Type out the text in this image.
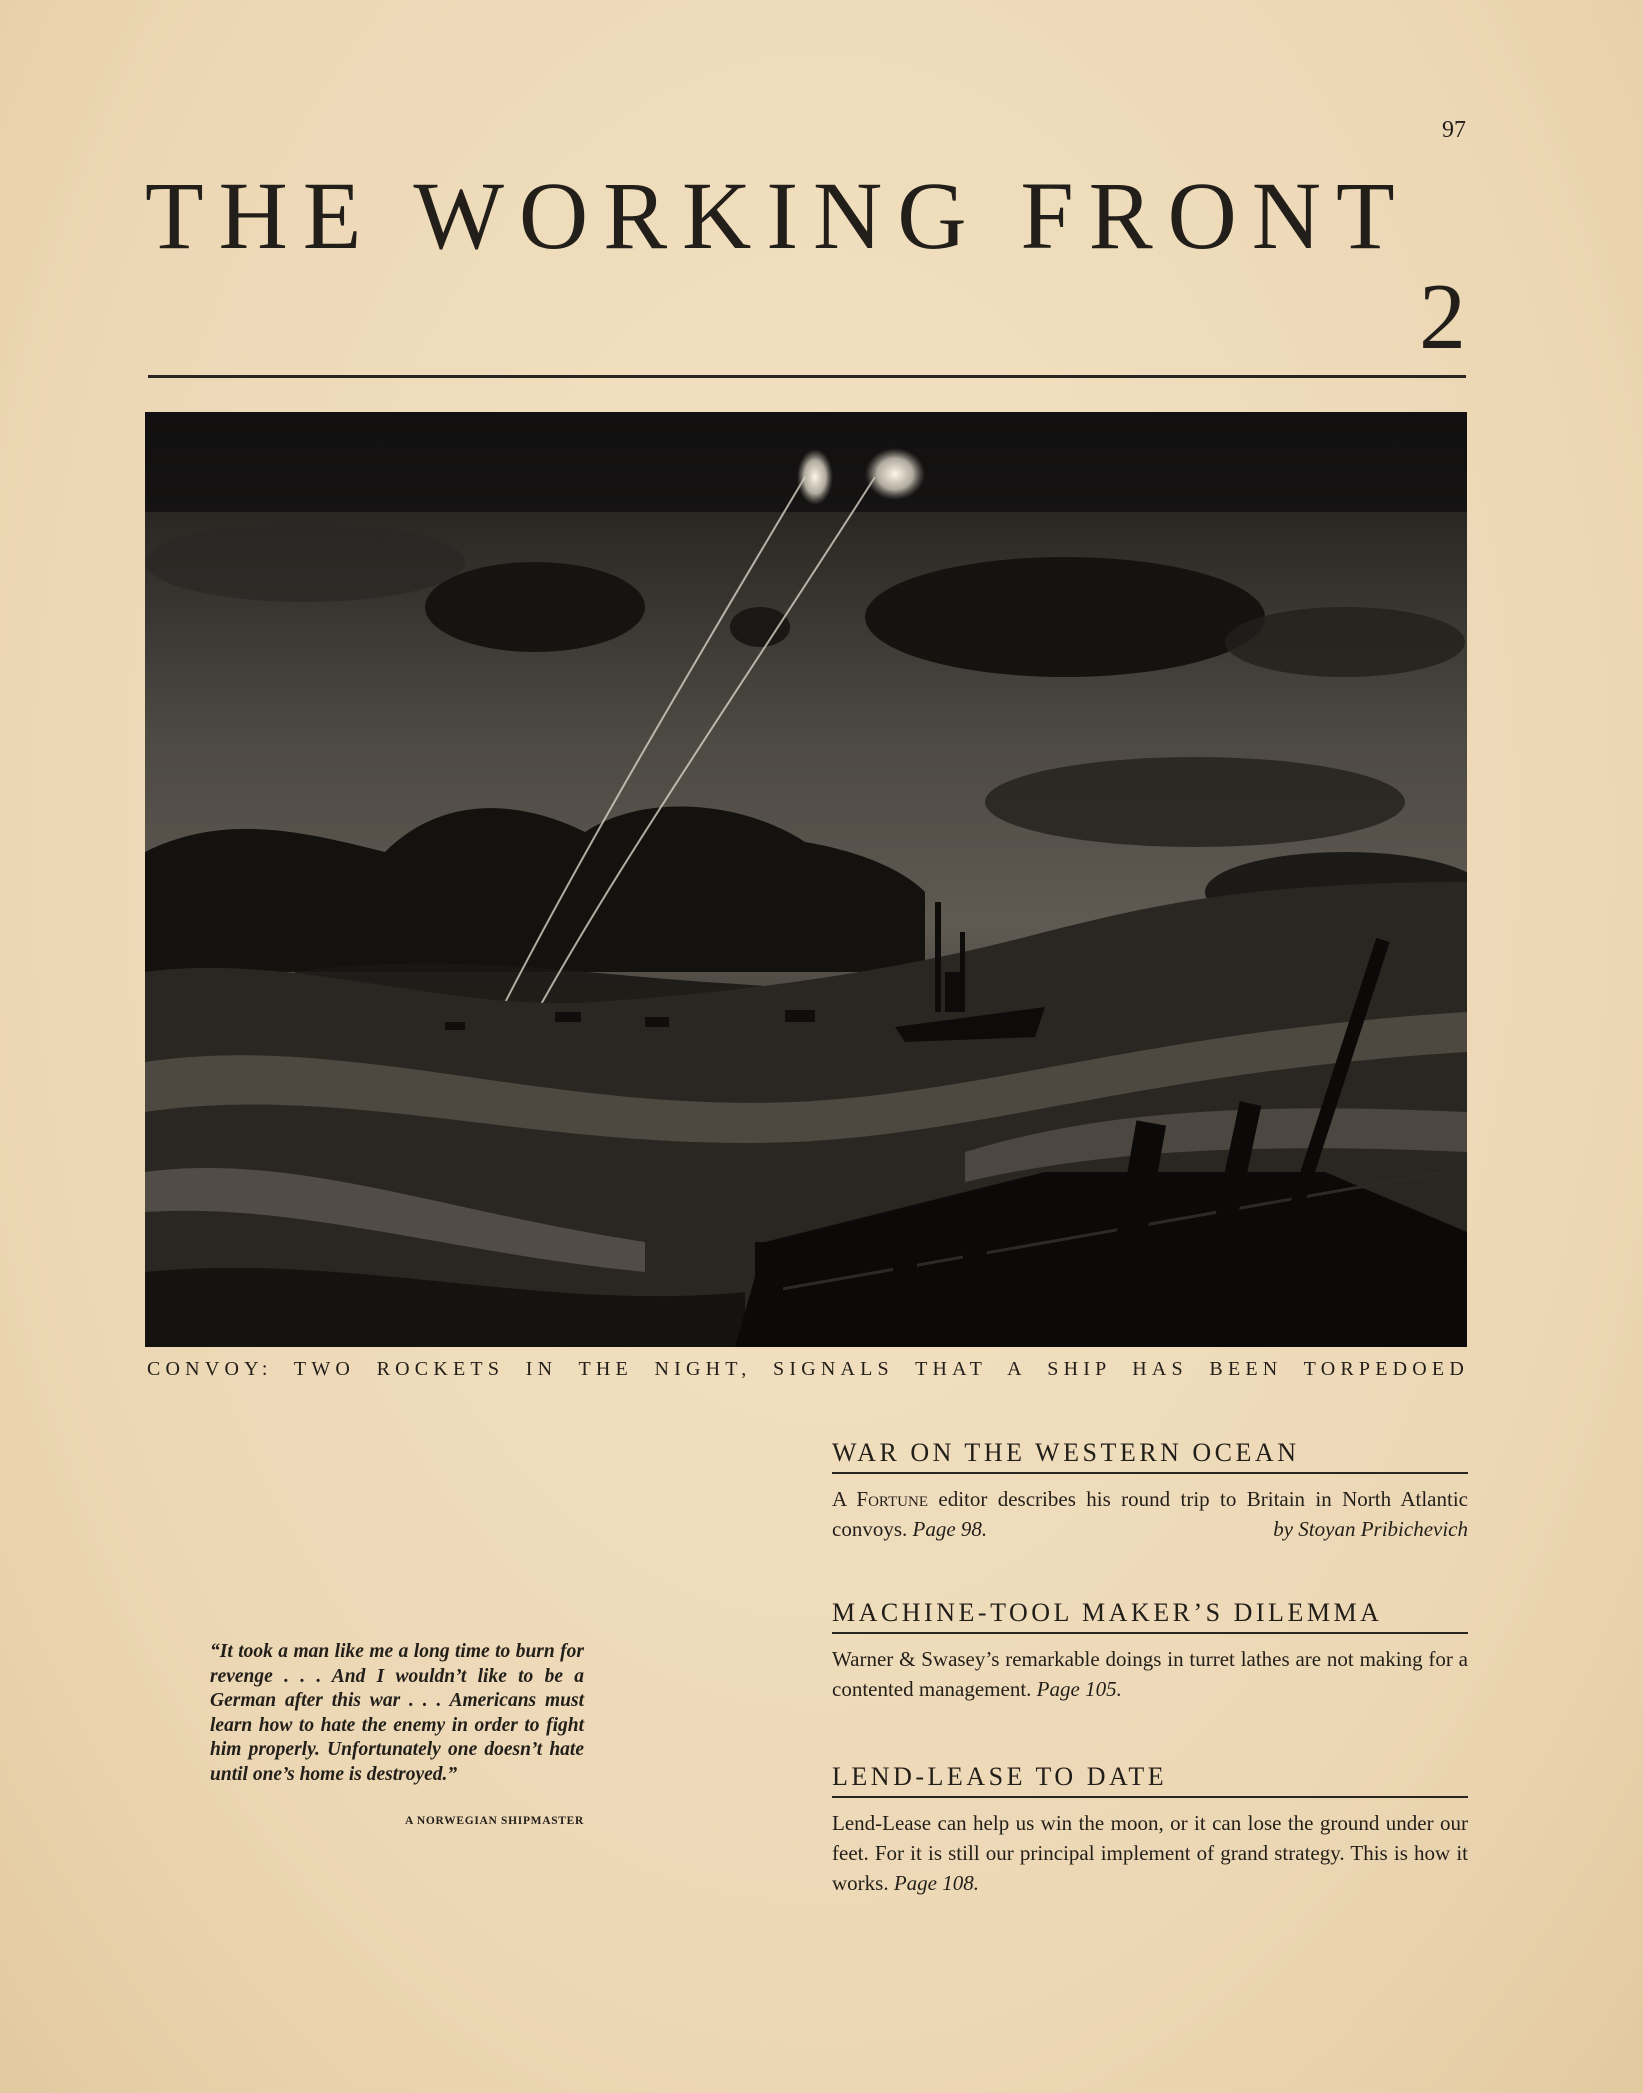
97
THE WORKING FRONT
2
CONVOY: TWO ROCKETS IN THE NIGHT, SIGNALS THAT A SHIP HAS BEEN TORPEDOED
“It took a man like me a long time to burn for revenge . . . And I wouldn’t like to be a German after this war . . . Americans must learn how to hate the enemy in order to fight him properly. Unfortunately one doesn’t hate until one’s home is destroyed.”
A NORWEGIAN SHIPMASTER
WAR ON THE WESTERN OCEAN
A Fortune editor describes his round trip to Britain in North Atlantic convoys. Page 98.	by Stoyan Pribichevich
MACHINE-TOOL MAKER’S DILEMMA
Warner & Swasey’s remarkable doings in turret lathes are not making for a contented management. Page 105.
LEND-LEASE TO DATE
Lend-Lease can help us win the moon, or it can lose the ground under our feet. For it is still our principal implement of grand strategy. This is how it works. Page 108.
